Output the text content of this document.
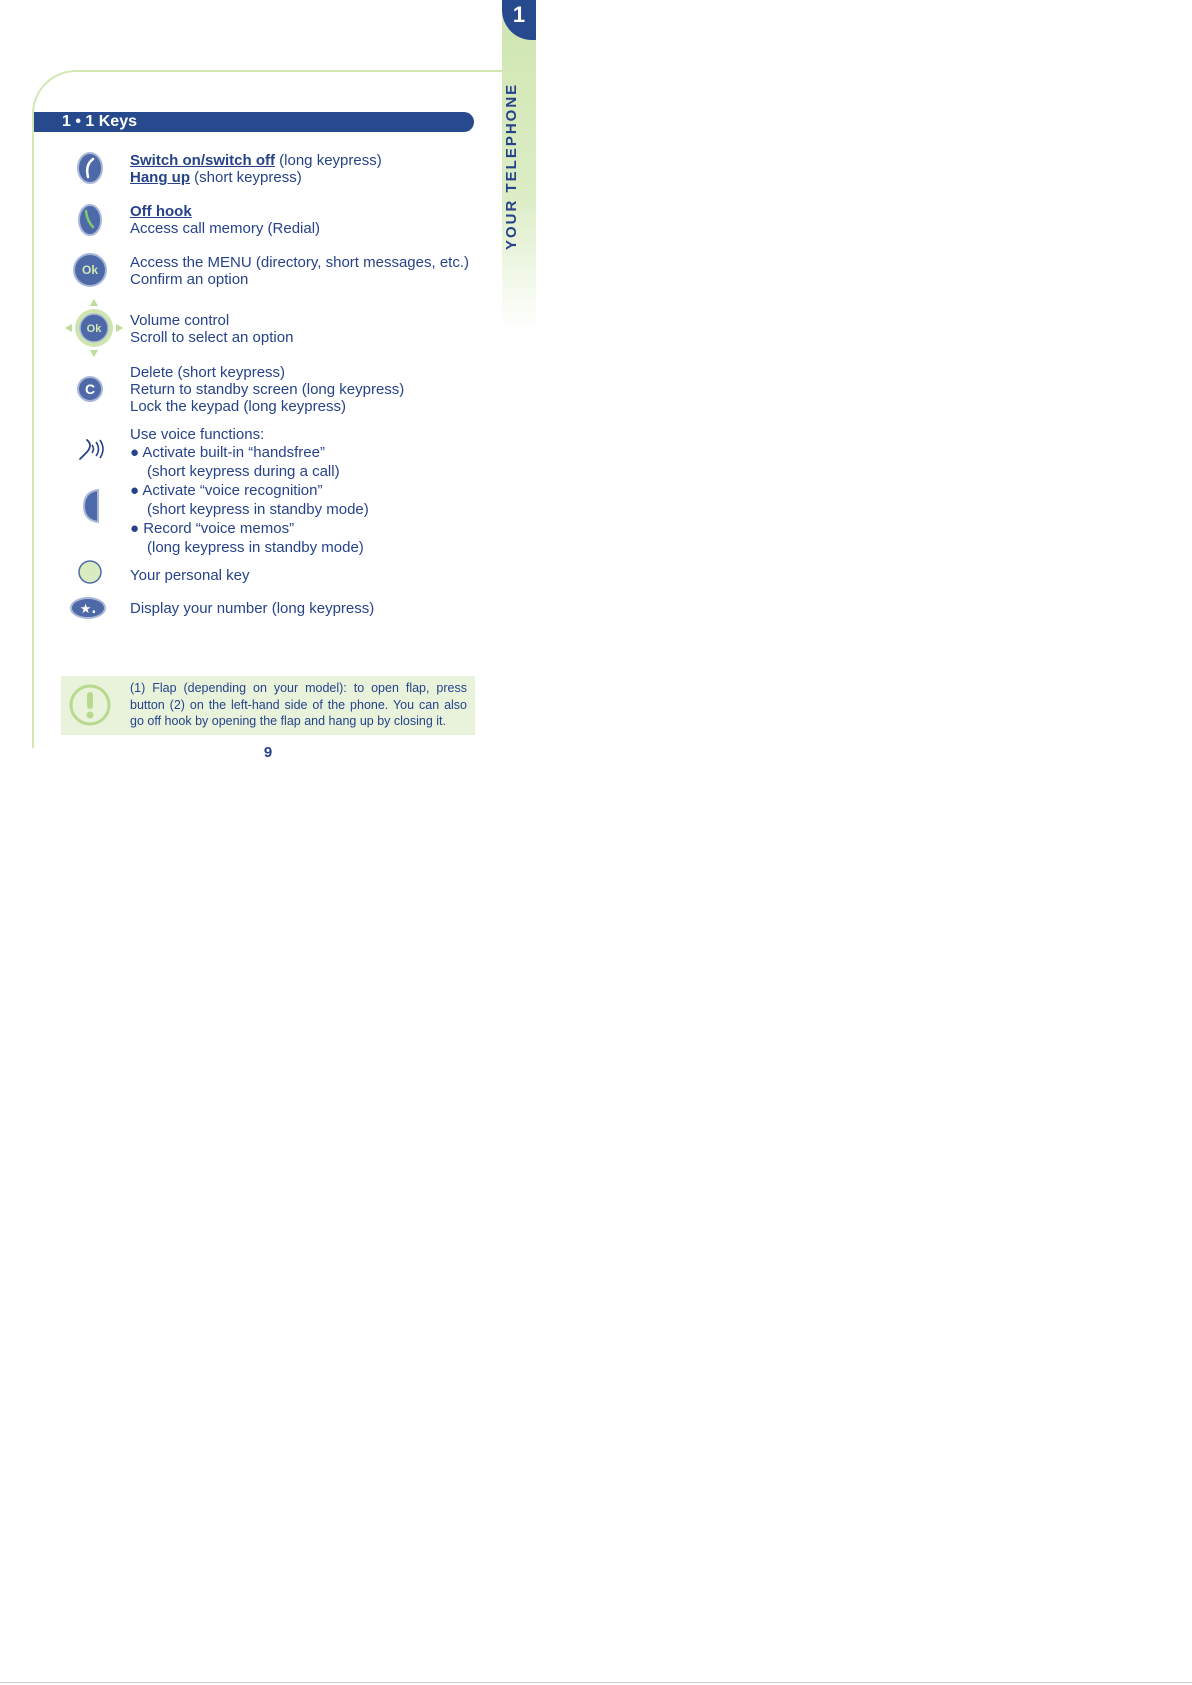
1
YOUR TELEPHONE
1 • 1 Keys
Switch on/switch off (long keypress)
Hang up (short keypress)
Off hook
Access call memory (Redial)
Ok Access the MENU (directory, short messages, etc.)
Confirm an option
Ok Volume control
Scroll to select an option
C
Delete (short keypress)
Return to standby screen (long keypress)
Lock the keypad (long keypress)
Use voice functions:
● Activate built-in “handsfree”
(short keypress during a call)
● Activate “voice recognition”
(short keypress in standby mode)
● Record “voice memos”
(long keypress in standby mode)
Your personal key
★. Display your number (long keypress)
(1) Flap (depending on your model): to open flap, press button (2) on the left-hand side of the phone. You can also go off hook by opening the flap and hang up by closing it.
9
